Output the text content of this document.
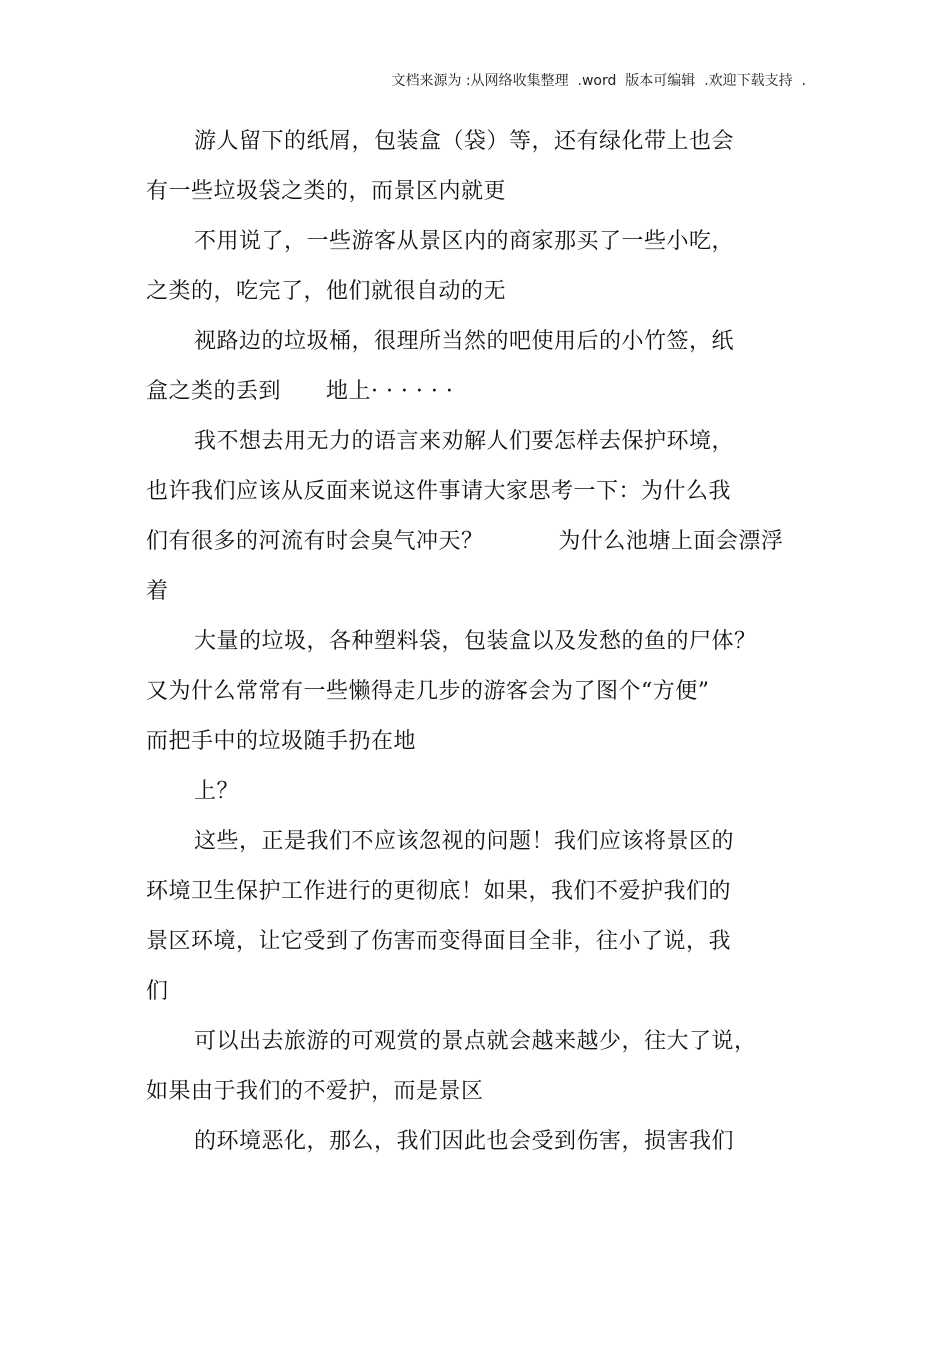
文档来源为 :从网络收集整理  .word  版本可编辑  .欢迎下载支持  .
游人留下的纸屑，包装盒（袋）等，还有绿化带上也会
有一些垃圾袋之类的，而景区内就更
不用说了，一些游客从景区内的商家那买了一些小吃，
之类的，吃完了，他们就很自动的无
视路边的垃圾桶，很理所当然的吧使用后的小竹签，纸
盒之类的丢到      地上· · · · · ·
我不想去用无力的语言来劝解人们要怎样去保护环境，
也许我们应该从反面来说这件事请大家思考一下：为什么我
们有很多的河流有时会臭气冲天？          为什么池塘上面会漂浮
着
大量的垃圾，各种塑料袋，包装盒以及发愁的鱼的尸体？
又为什么常常有一些懒得走几步的游客会为了图个“方便”
而把手中的垃圾随手扔在地
上？
这些，正是我们不应该忽视的问题！我们应该将景区的
环境卫生保护工作进行的更彻底！如果，我们不爱护我们的
景区环境，让它受到了伤害而变得面目全非，往小了说，我
们
可以出去旅游的可观赏的景点就会越来越少，往大了说，
如果由于我们的不爱护，而是景区
的环境恶化，那么，我们因此也会受到伤害，损害我们
